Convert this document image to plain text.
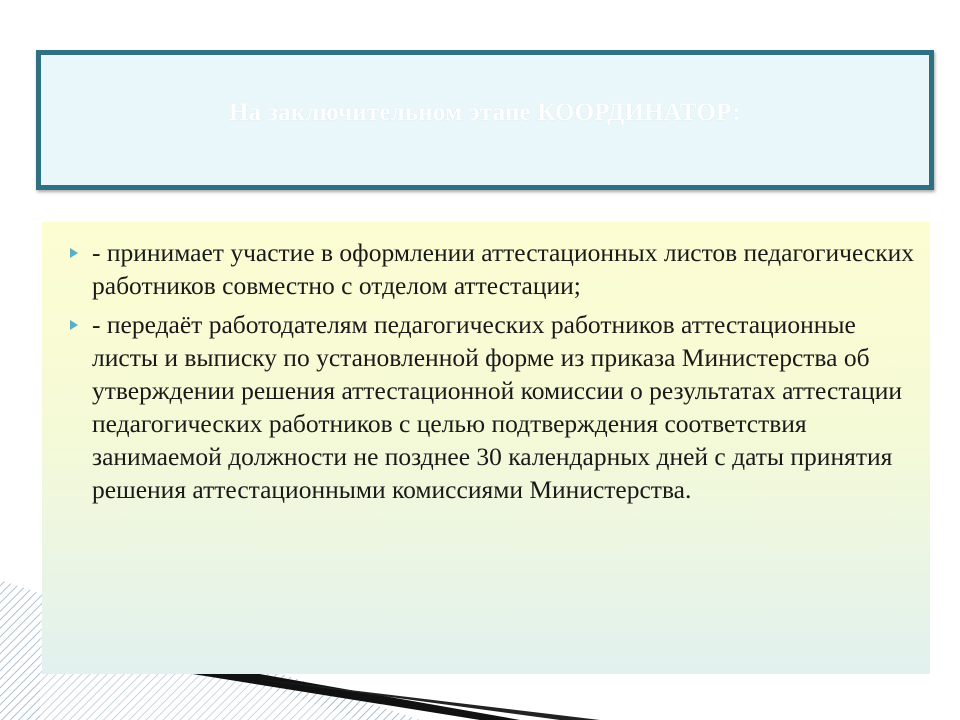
На заключительном этапе КООРДИНАТОР:
- принимает участие в оформлении аттестационных листов педагогических работников совместно с отделом аттестации;
- передаёт работодателям педагогических работников аттестационные листы и выписку по установленной форме из приказа Министерства об утверждении решения аттестационной комиссии о результатах аттестации педагогических работников с целью подтверждения соответствия занимаемой должности не позднее 30 календарных дней с даты принятия решения аттестационными комиссиями Министерства.
